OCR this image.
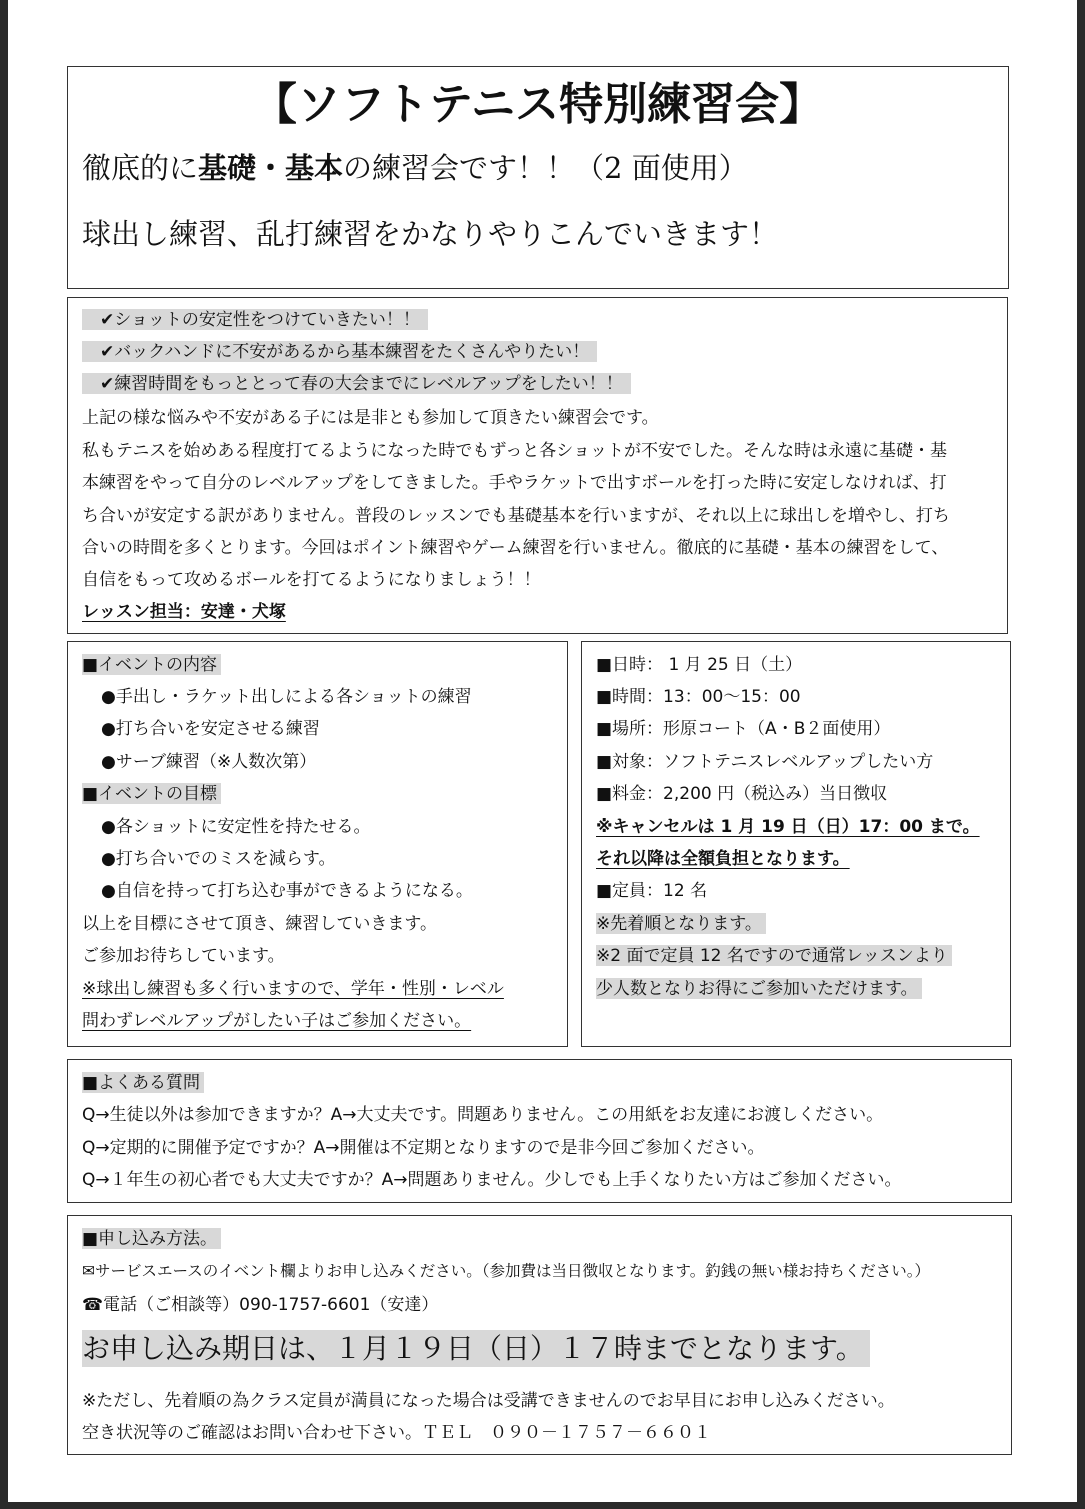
【ソフトテニス特別練習会】
徹底的に基礎・基本の練習会です！！（2 面使用）
球出し練習、乱打練習をかなりやりこんでいきます！
✔ショットの安定性をつけていきたい！！
✔バックハンドに不安があるから基本練習をたくさんやりたい！
✔練習時間をもっととって春の大会までにレベルアップをしたい！！
上記の様な悩みや不安がある子には是非とも参加して頂きたい練習会です。
私もテニスを始めある程度打てるようになった時でもずっと各ショットが不安でした。そんな時は永遠に基礎・基
本練習をやって自分のレベルアップをしてきました。手やラケットで出すボールを打った時に安定しなければ、打
ち合いが安定する訳がありません。普段のレッスンでも基礎基本を行いますが、それ以上に球出しを増やし、打ち
合いの時間を多くとります。今回はポイント練習やゲーム練習を行いません。徹底的に基礎・基本の練習をして、
自信をもって攻めるボールを打てるようになりましょう！！
レッスン担当：安達・犬塚
■イベントの内容
●手出し・ラケット出しによる各ショットの練習
●打ち合いを安定させる練習
●サーブ練習（※人数次第）
■イベントの目標
●各ショットに安定性を持たせる。
●打ち合いでのミスを減らす。
●自信を持って打ち込む事ができるようになる。
以上を目標にさせて頂き、練習していきます。
ご参加お待ちしています。
※球出し練習も多く行いますので、学年・性別・レベル
問わずレベルアップがしたい子はご参加ください。
■日時： 1 月 25 日（土）
■時間：13：00～15：00
■場所：形原コート（A・B２面使用）
■対象：ソフトテニスレベルアップしたい方
■料金：2,200 円（税込み）当日徴収
※キャンセルは 1 月 19 日（日）17：00 まで。
それ以降は全額負担となります。
■定員：12 名
※先着順となります。
※2 面で定員 12 名ですので通常レッスンより
少人数となりお得にご参加いただけます。
■よくある質問
Q→生徒以外は参加できますか？A→大丈夫です。問題ありません。この用紙をお友達にお渡しください。
Q→定期的に開催予定ですか？A→開催は不定期となりますので是非今回ご参加ください。
Q→１年生の初心者でも大丈夫ですか？A→問題ありません。少しでも上手くなりたい方はご参加ください。
■申し込み方法。
✉サービスエースのイベント欄よりお申し込みください。（参加費は当日徴収となります。釣銭の無い様お持ちください。）
☎電話（ご相談等）090-1757-6601（安達）
お申し込み期日は、１月１９日（日）１７時までとなります。
※ただし、先着順の為クラス定員が満員になった場合は受講できませんのでお早目にお申し込みください。
空き状況等のご確認はお問い合わせ下さい。ＴＥＬ　０９０－１７５７－６６０１
